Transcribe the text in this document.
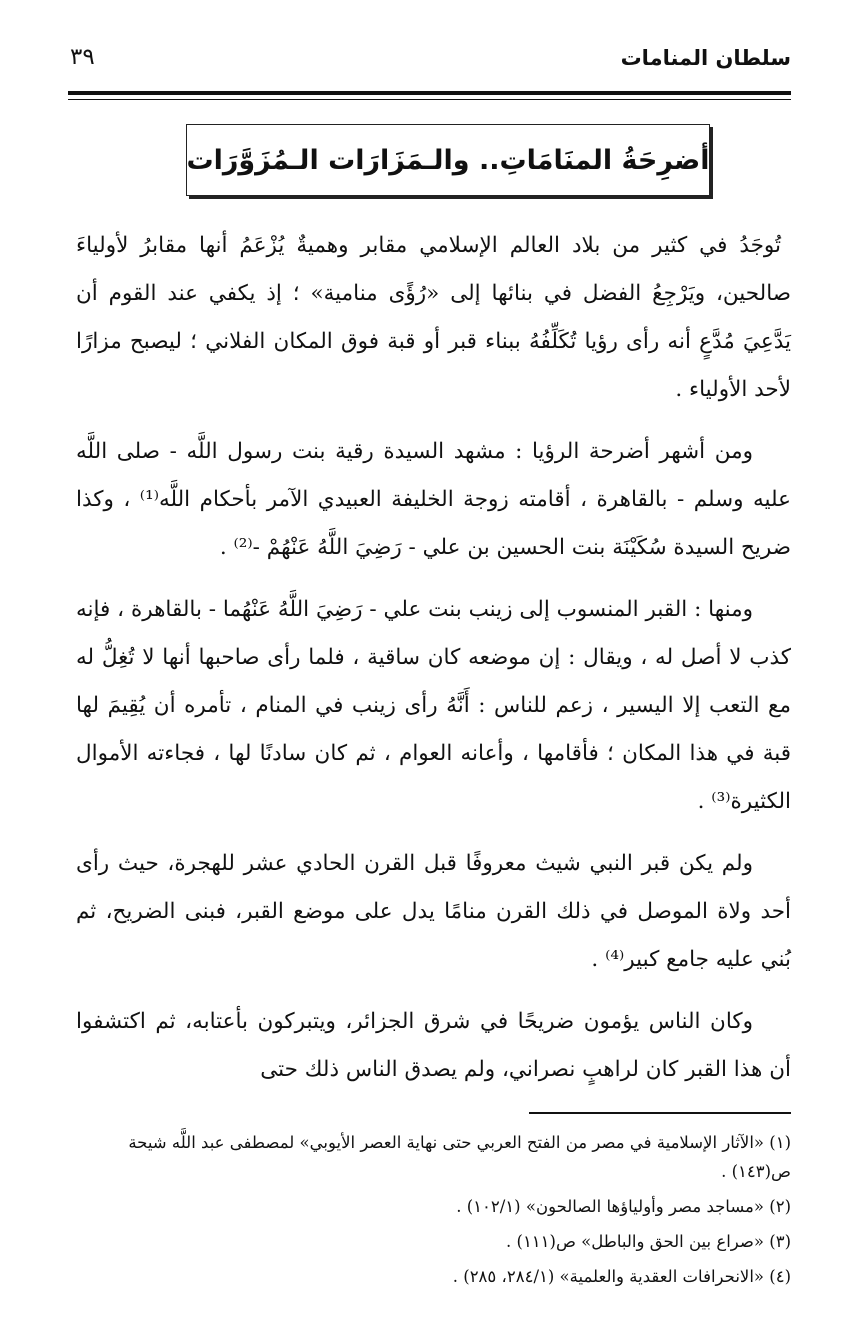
سلطان المنامات
٣٩
أضرِحَةُ المنَامَاتِ.. والـمَزَارَات الـمُزَوَّرَات

تُوجَدُ في كثير من بلاد العالم الإسلامي مقابر وهميةٌ يُزْعَمُ أنها مقابرُ لأولياءَ صالحين، ويَرْجِعُ الفضل في بنائها إلى «رُؤًى منامية» ؛ إذ يكفي عند القوم أن يَدَّعِيَ مُدَّعٍ أنه رأى رؤيا تُكَلِّفُهُ ببناء قبر أو قبة فوق المكان الفلاني ؛ ليصبح مزارًا لأحد الأولياء .

ومن أشهر أضرحة الرؤيا : مشهد السيدة رقية بنت رسول اللَّه - صلى اللَّه عليه وسلم - بالقاهرة ، أقامته زوجة الخليفة العبيدي الآمر بأحكام اللَّه⁽¹⁾ ، وكذا ضريح السيدة سُكَيْنَة بنت الحسين بن علي - رَضِيَ اللَّهُ عَنْهُمْ -⁽²⁾ .

ومنها : القبر المنسوب إلى زينب بنت علي - رَضِيَ اللَّهُ عَنْهُما - بالقاهرة ، فإنه كذب لا أصل له ، ويقال : إن موضعه كان ساقية ، فلما رأى صاحبها أنها لا تُغِلُّ له مع التعب إلا اليسير ، زعم للناس : أَنَّهُ رأى زينب في المنام ، تأمره أن يُقِيمَ لها قبة في هذا المكان ؛ فأقامها ، وأعانه العوام ، ثم كان سادنًا لها ، فجاءته الأموال الكثيرة⁽³⁾ .

ولم يكن قبر النبي شيث معروفًا قبل القرن الحادي عشر للهجرة، حيث رأى أحد ولاة الموصل في ذلك القرن منامًا يدل على موضع القبر، فبنى الضريح، ثم بُني عليه جامع كبير⁽⁴⁾ .

وكان الناس يؤمون ضريحًا في شرق الجزائر، ويتبركون بأعتابه، ثم اكتشفوا أن هذا القبر كان لراهبٍ نصراني، ولم يصدق الناس ذلك حتى

(١) «الآثار الإسلامية في مصر من الفتح العربي حتى نهاية العصر الأيوبي» لمصطفى عبد اللَّه شيحة ص(١٤٣) .
(٢) «مساجد مصر وأولياؤها الصالحون» (١٠٢/١) .
(٣) «صراع بين الحق والباطل» ص(١١١) .
(٤) «الانحرافات العقدية والعلمية» (٢٨٤/١، ٢٨٥) .
